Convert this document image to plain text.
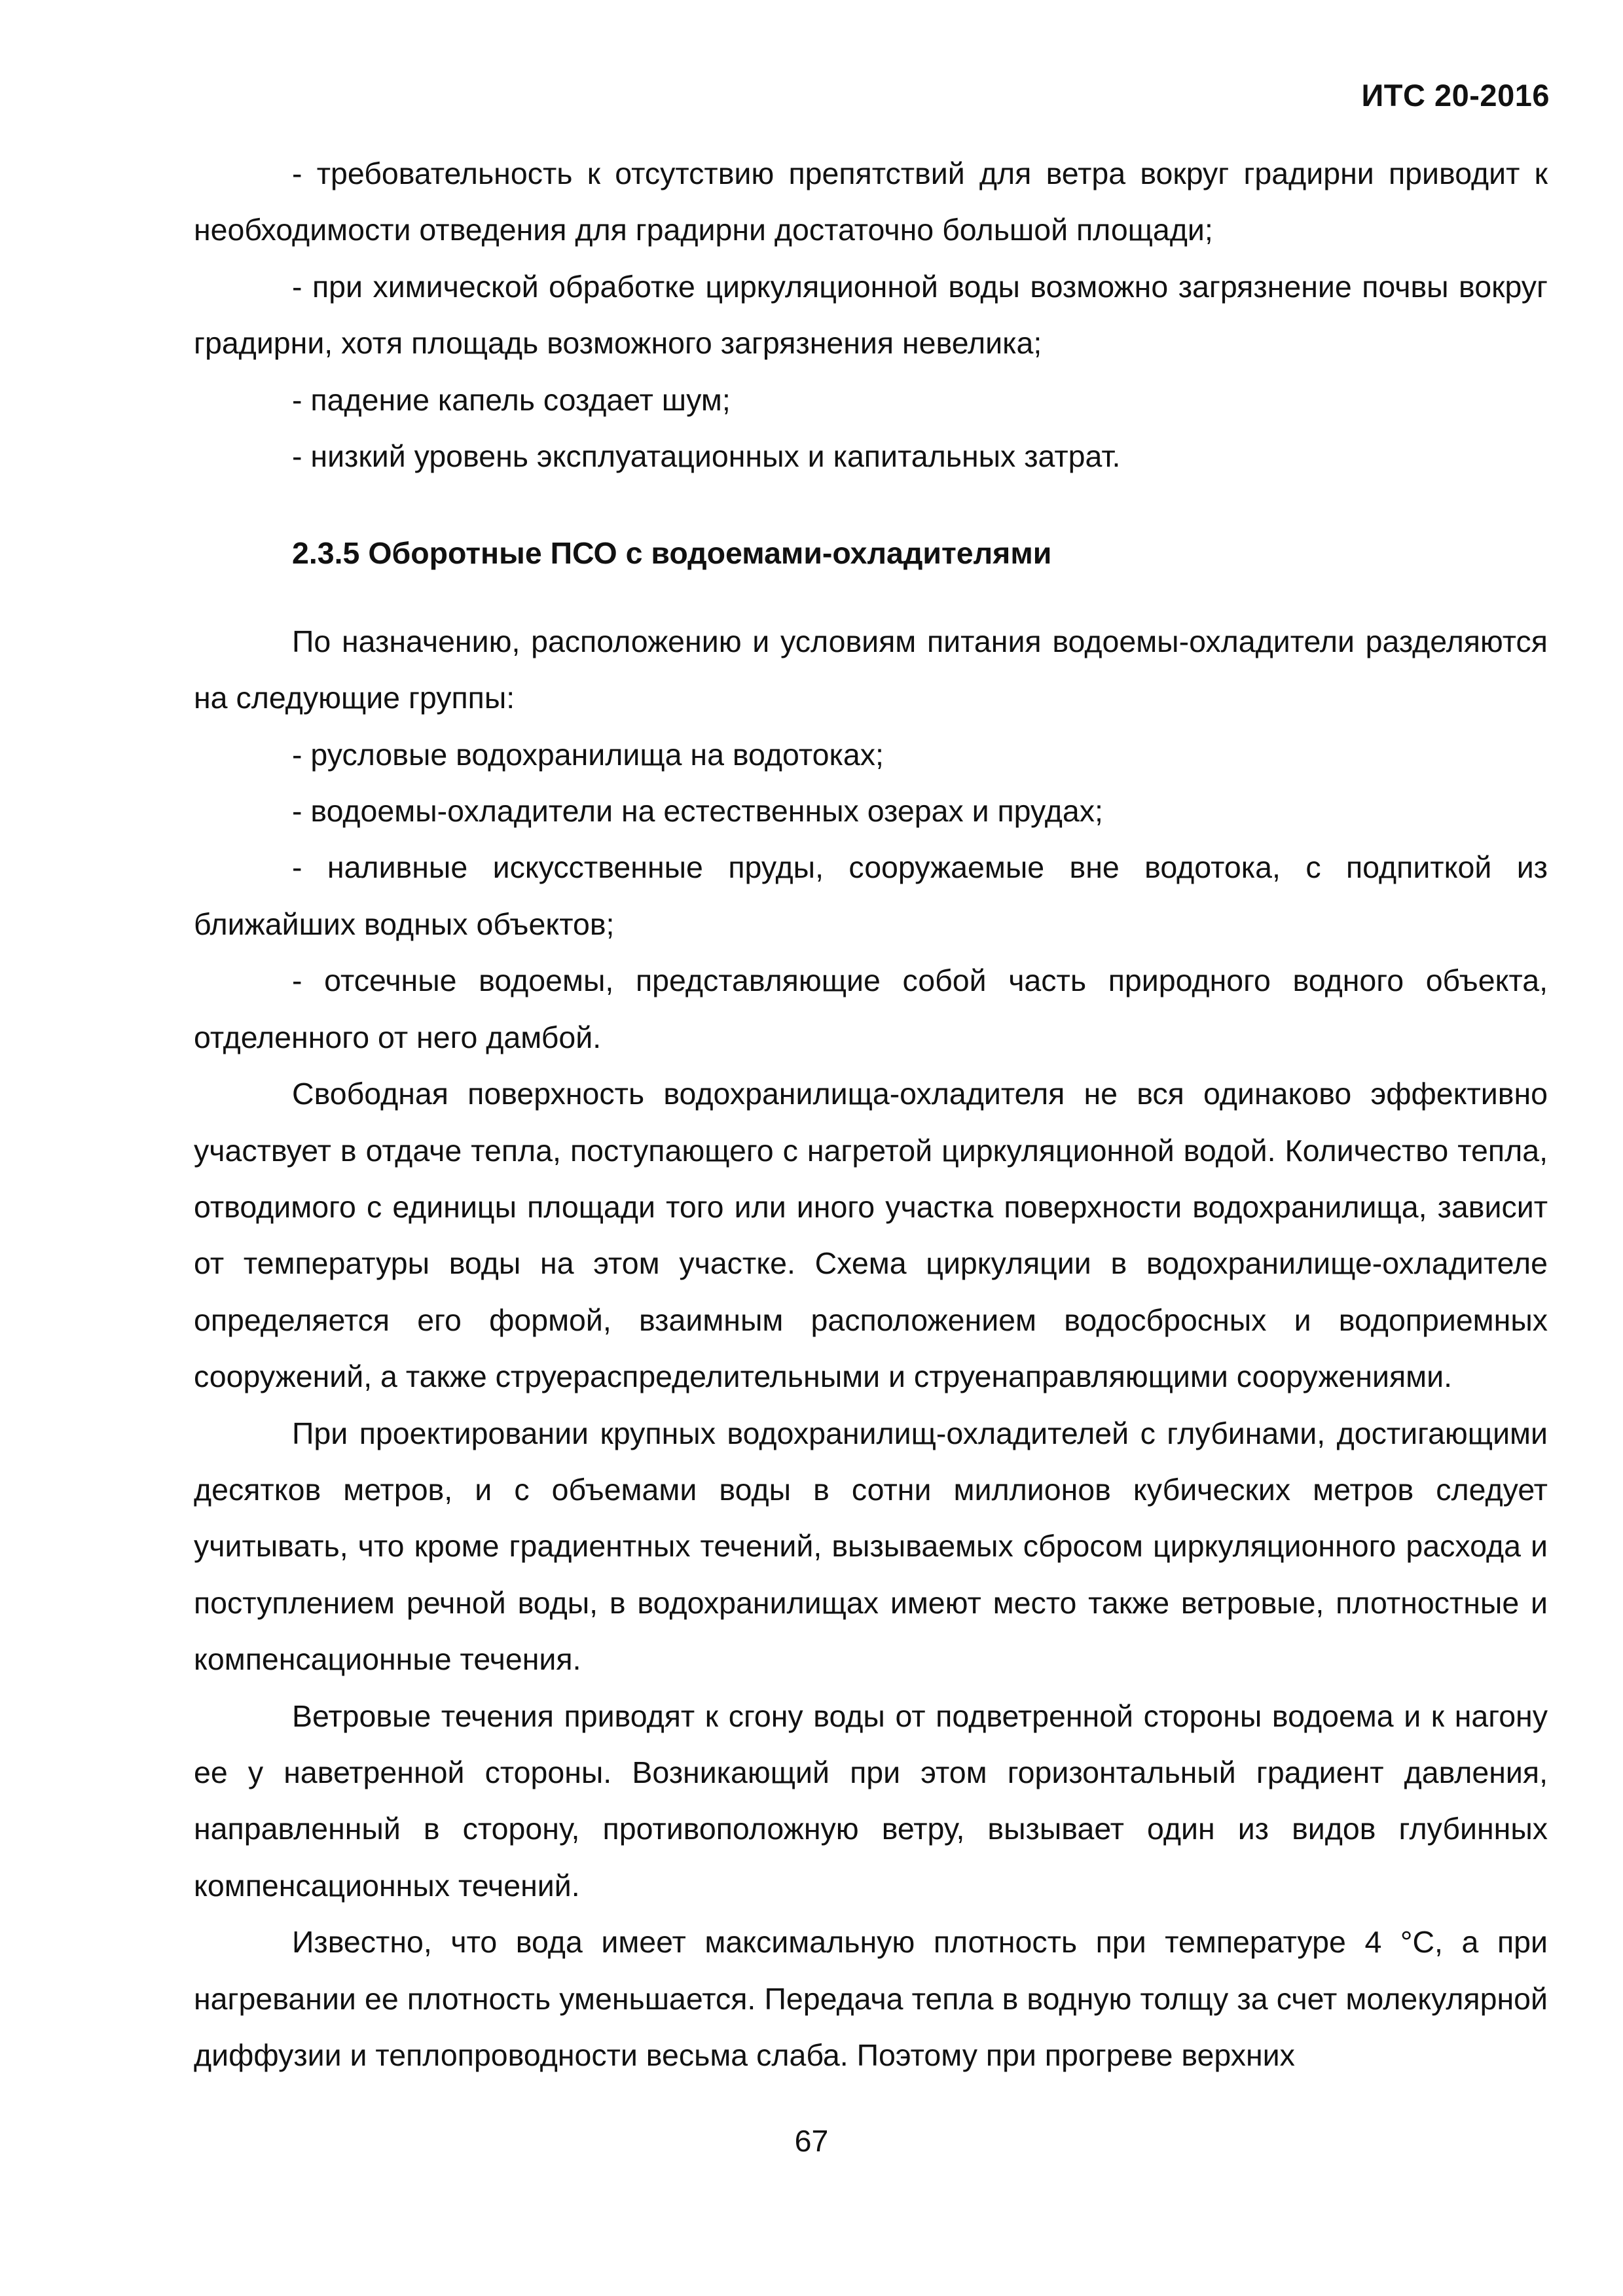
ИТС 20-2016

- требовательность к отсутствию препятствий для ветра вокруг градирни приводит к необходимости отведения для градирни достаточно большой площади;

- при химической обработке циркуляционной воды возможно загрязнение почвы вокруг градирни, хотя площадь возможного загрязнения невелика;

- падение капель создает шум;

- низкий уровень эксплуатационных и капитальных затрат.

2.3.5 Оборотные ПСО с водоемами-охладителями

По назначению, расположению и условиям питания водоемы-охладители разделяются на следующие группы:

- русловые водохранилища на водотоках;

- водоемы-охладители на естественных озерах и прудах;

- наливные искусственные пруды, сооружаемые вне водотока, с подпиткой из ближайших водных объектов;

- отсечные водоемы, представляющие собой часть природного водного объекта, отделенного от него дамбой.

Свободная поверхность водохранилища-охладителя не вся одинаково эффективно участвует в отдаче тепла, поступающего с нагретой циркуляционной водой. Количество тепла, отводимого с единицы площади того или иного участка поверхности водохранилища, зависит от температуры воды на этом участке. Схема циркуляции в водохранилище-охладителе определяется его формой, взаимным расположением водосбросных и водоприемных сооружений, а также струераспределительными и струенаправляющими сооружениями.

При проектировании крупных водохранилищ-охладителей с глубинами, достигающими десятков метров, и с объемами воды в сотни миллионов кубических метров следует учитывать, что кроме градиентных течений, вызываемых сбросом циркуляционного расхода и поступлением речной воды, в водохранилищах имеют место также ветровые, плотностные и компенсационные течения.

Ветровые течения приводят к сгону воды от подветренной стороны водоема и к нагону ее у наветренной стороны. Возникающий при этом горизонтальный градиент давления, направленный в сторону, противоположную ветру, вызывает один из видов глубинных компенсационных течений.

Известно, что вода имеет максимальную плотность при температуре 4 °С, а при нагревании ее плотность уменьшается. Передача тепла в водную толщу за счет молекулярной диффузии и теплопроводности весьма слаба. Поэтому при прогреве верхних

67
